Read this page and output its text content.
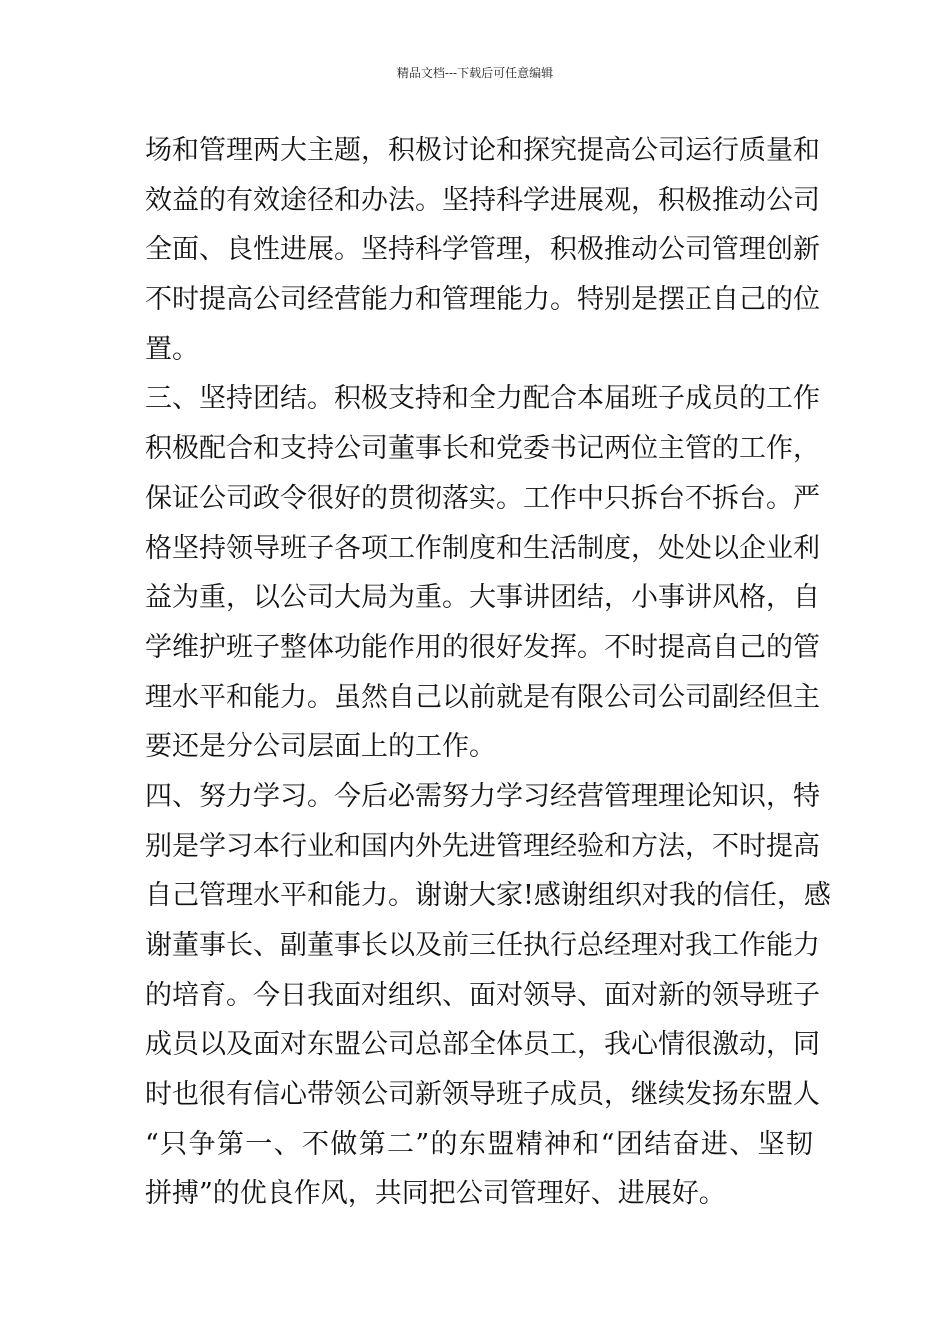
精品文档---下载后可任意编辑
场和管理两大主题，积极讨论和探究提高公司运行质量和
效益的有效途径和办法。坚持科学进展观，积极推动公司
全面、良性进展。坚持科学管理，积极推动公司管理创新
不时提高公司经营能力和管理能力。特别是摆正自己的位
置。
三、坚持团结。积极支持和全力配合本届班子成员的工作
积极配合和支持公司董事长和党委书记两位主管的工作，
保证公司政令很好的贯彻落实。工作中只拆台不拆台。严
格坚持领导班子各项工作制度和生活制度，处处以企业利
益为重，以公司大局为重。大事讲团结，小事讲风格，自
学维护班子整体功能作用的很好发挥。不时提高自己的管
理水平和能力。虽然自己以前就是有限公司公司副经但主
要还是分公司层面上的工作。
四、努力学习。今后必需努力学习经营管理理论知识，特
别是学习本行业和国内外先进管理经验和方法，不时提高
自己管理水平和能力。谢谢大家!感谢组织对我的信任，感
谢董事长、副董事长以及前三任执行总经理对我工作能力
的培育。今日我面对组织、面对领导、面对新的领导班子
成员以及面对东盟公司总部全体员工，我心情很激动，同
时也很有信心带领公司新领导班子成员，继续发扬东盟人
“只争第一、不做第二”的东盟精神和“团结奋进、坚韧
拼搏”的优良作风，共同把公司管理好、进展好。
